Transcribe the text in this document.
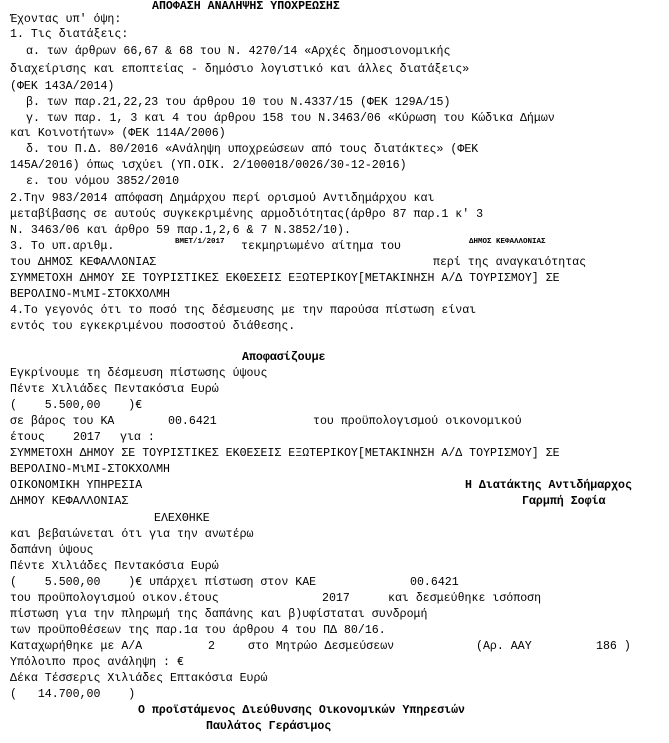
ΑΠΟΦΑΣΗ ΑΝΑΛΗΨΗΣ ΥΠΟΧΡΕΩΣΗΣ
Έχοντας υπ' όψη:
1. Τις διατάξεις:
α. των άρθρων 66,67 & 68 του Ν. 4270/14 «Αρχές δημοσιονομικής
διαχείρισης και εποπτείας - δημόσιο λογιστικό και άλλες διατάξεις»
(ΦΕΚ 143Α/2014)
β. των παρ.21,22,23 του άρθρου 10 του Ν.4337/15 (ΦΕΚ 129Α/15)
γ. των παρ. 1, 3 και 4 του άρθρου 158 του Ν.3463/06 «Κύρωση του Κώδικα Δήμων
και Κοινοτήτων» (ΦΕΚ 114Α/2006)
δ. του Π.Δ. 80/2016 «Ανάληψη υποχρεώσεων από τους διατάκτες» (ΦΕΚ
145Α/2016) όπως ισχύει (ΥΠ.ΟΙΚ. 2/100018/0026/30-12-2016)
ε. του νόμου 3852/2010
2.Την 983/2014 απόφαση Δημάρχου περί ορισμού Αντιδημάρχου και
μεταβίβασης σε αυτούς συγκεκριμένης αρμοδιότητας(άρθρο 87 παρ.1 κ' 3
Ν. 3463/06 και άρθρο 59 παρ.1,2,6 & 7 Ν.3852/10).
3. Το υπ.αριθμ.	ΒΜΕΤ/1/2017 τεκμηριωμένο αίτημα του	ΔΗΜΟΣ ΚΕΦΑΛΛΟΝΙΑΣ
του ΔΗΜΟΣ ΚΕΦΑΛΛΟΝΙΑΣ	περί της αναγκαιότητας
ΣΥΜΜΕΤΟΧΗ ΔΗΜΟΥ ΣΕ ΤΟΥΡΙΣΤΙΚΕΣ ΕΚΘΕΣΕΙΣ ΕΞΩΤΕΡΙΚΟΥ[ΜΕΤΑΚΙΝΗΣΗ Α/Δ ΤΟΥΡΙΣΜΟΥ] ΣΕ
ΒΕΡΟΛΙΝΟ-ΜιΜΙ-ΣΤΟΚΧΟΛΜΗ
4.Το γεγονός ότι το ποσό της δέσμευσης με την παρούσα πίστωση είναι
εντός του εγκεκριμένου ποσοστού διάθεσης.
Αποφασίζουμε
Εγκρίνουμε τη δέσμευση πίστωσης ύψους
Πέντε Χιλιάδες Πεντακόσια Ευρώ
(    5.500,00    )€
σε βάρος του ΚΑ	00.6421	του προϋπολογισμού οικονομικού
έτους 2017 για :
ΣΥΜΜΕΤΟΧΗ ΔΗΜΟΥ ΣΕ ΤΟΥΡΙΣΤΙΚΕΣ ΕΚΘΕΣΕΙΣ ΕΞΩΤΕΡΙΚΟΥ[ΜΕΤΑΚΙΝΗΣΗ Α/Δ ΤΟΥΡΙΣΜΟΥ] ΣΕ
ΒΕΡΟΛΙΝΟ-ΜιΜΙ-ΣΤΟΚΧΟΛΜΗ
ΟΙΚΟΝΟΜΙΚΗ ΥΠΗΡΕΣΙΑ	Η Διατάκτης Αντιδήμαρχος
ΔΗΜΟΥ ΚΕΦΑΛΛΟΝΙΑΣ	Γαρμπή Σοφία
ΕΛΕΧΘΗΚΕ
και βεβαιώνεται ότι για την ανωτέρω
δαπάνη ύψους
Πέντε Χιλιάδες Πεντακόσια Ευρώ
(    5.500,00    )€ υπάρχει πίστωση στον ΚΑΕ	00.6421
του προϋπολογισμού οικον.έτους	2017	και δεσμεύθηκε ισόποση
πίστωση για την πληρωμή της δαπάνης και β)υφίσταται συνδρομή
των προϋποθέσεων της παρ.1α του άρθρου 4 του ΠΔ 80/16.
Καταχωρήθηκε με Α/Α	2	στο Μητρώο Δεσμεύσεων	(Αρ. ΑΑΥ	186 )
Υπόλοιπο προς ανάληψη : €
Δέκα Τέσσερις Χιλιάδες Επτακόσια Ευρώ
(   14.700,00    )
Ο προϊστάμενος Διεύθυνσης Οικονομικών Υπηρεσιών
Παυλάτος Γεράσιμος
